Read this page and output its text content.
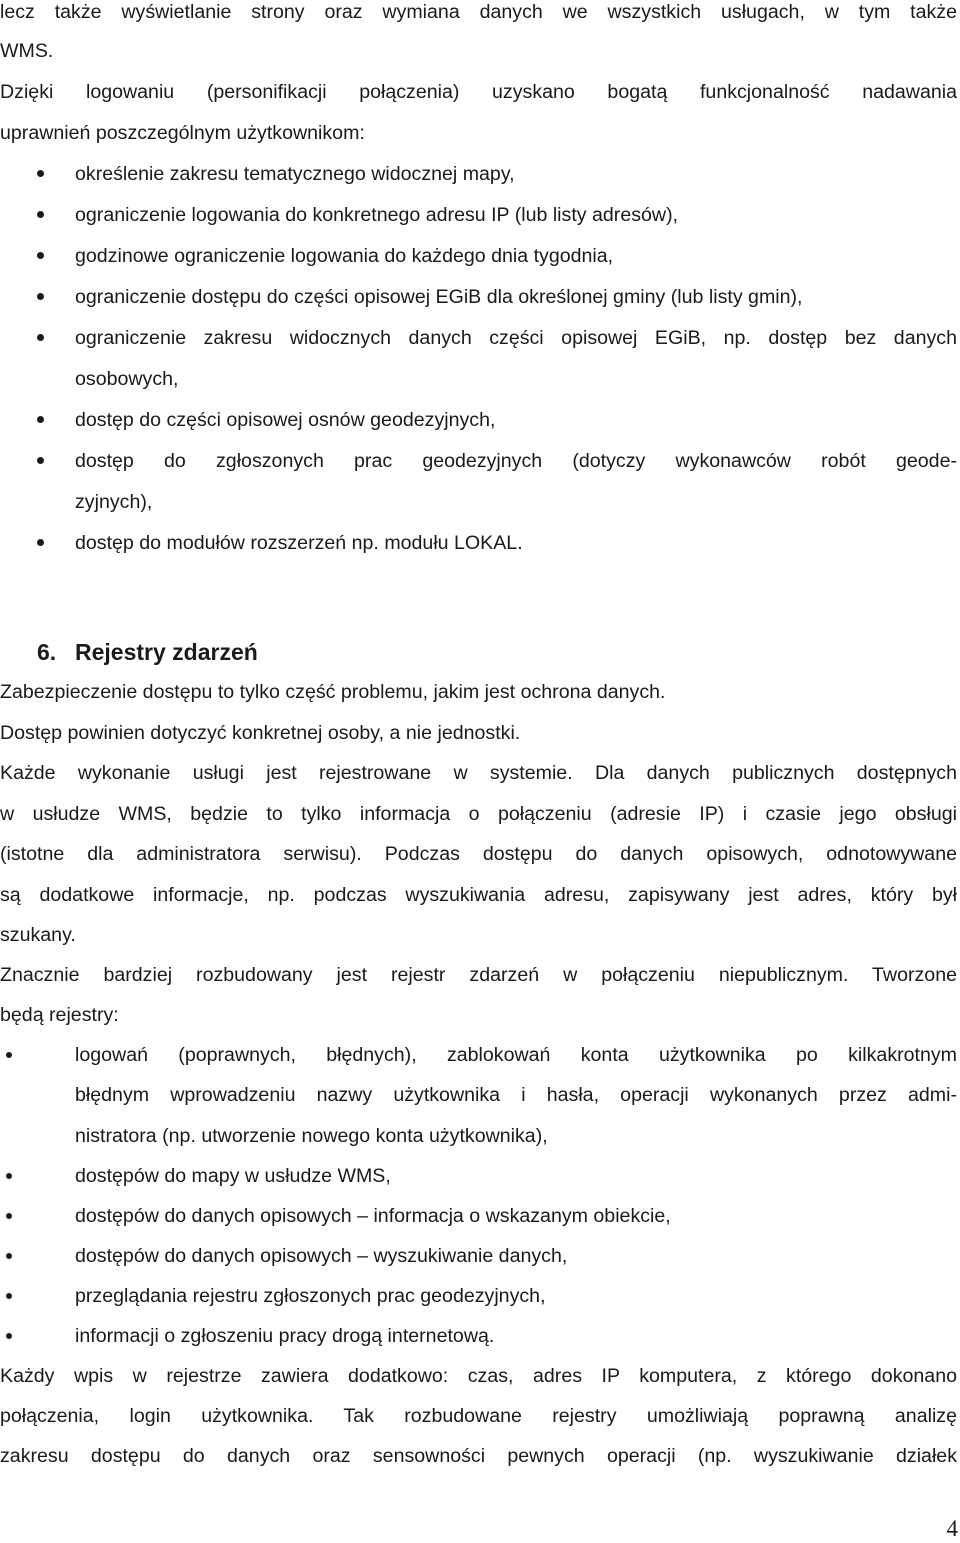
lecz także wyświetlanie strony oraz wymiana danych we wszystkich usługach, w tym także

WMS.

Dzięki logowaniu (personifikacji połączenia) uzyskano bogatą funkcjonalność nadawania

uprawnień poszczególnym użytkownikom:

określenie zakresu tematycznego widocznej mapy,

ograniczenie logowania do konkretnego adresu IP (lub listy adresów),

godzinowe ograniczenie logowania do każdego dnia tygodnia,

ograniczenie dostępu do części opisowej EGiB dla określonej gminy (lub listy gmin),

ograniczenie zakresu widocznych danych części opisowej EGiB, np. dostęp bez danych

osobowych,

dostęp do części opisowej osnów geodezyjnych,

dostęp do zgłoszonych prac geodezyjnych (dotyczy wykonawców robót geode-

zyjnych),

dostęp do modułów rozszerzeń np. modułu LOKAL.

6. Rejestry zdarzeń

Zabezpieczenie dostępu to tylko część problemu, jakim jest ochrona danych.

Dostęp powinien dotyczyć konkretnej osoby, a nie jednostki.

Każde wykonanie usługi jest rejestrowane w systemie. Dla danych publicznych dostępnych

w usłudze WMS, będzie to tylko informacja o połączeniu (adresie IP) i czasie jego obsługi

(istotne dla administratora serwisu). Podczas dostępu do danych opisowych, odnotowywane

są dodatkowe informacje, np. podczas wyszukiwania adresu, zapisywany jest adres, który był

szukany.

Znacznie bardziej rozbudowany jest rejestr zdarzeń w połączeniu niepublicznym. Tworzone

będą rejestry:

logowań (poprawnych, błędnych), zablokowań konta użytkownika po kilkakrotnym

błędnym wprowadzeniu nazwy użytkownika i hasła, operacji wykonanych przez admi-

nistratora (np. utworzenie nowego konta użytkownika),

dostępów do mapy w usłudze WMS,

dostępów do danych opisowych – informacja o wskazanym obiekcie,

dostępów do danych opisowych – wyszukiwanie danych,

przeglądania rejestru zgłoszonych prac geodezyjnych,

informacji o zgłoszeniu pracy drogą internetową.

Każdy wpis w rejestrze zawiera dodatkowo: czas, adres IP komputera, z którego dokonano

połączenia, login użytkownika. Tak rozbudowane rejestry umożliwiają poprawną analizę

zakresu dostępu do danych oraz sensowności pewnych operacji (np. wyszukiwanie działek

4
